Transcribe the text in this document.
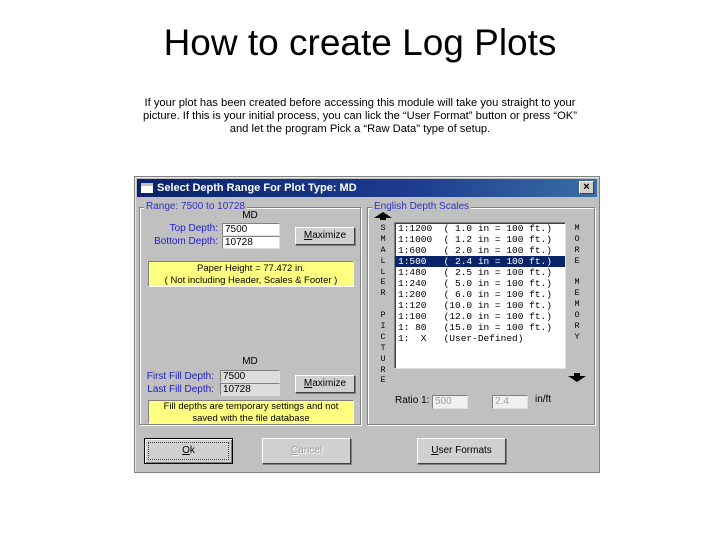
How to create Log Plots
If your plot has been created before accessing this module will take you straight to your
picture. If this is your initial process, you can lick the “User Format” button or press “OK”
and let the program Pick a “Raw Data” type of setup.
Select Depth Range For Plot Type: MD	×
Range: 7500 to 10728
MD
Top Depth: 7500
Bottom Depth: 10728
Maximize
Paper Height = 77.472 in.
( Not including Header, Scales & Footer )
MD
First Fill Depth: 7500
Last Fill Depth: 10728
Maximize
Fill depths are temporary settings and not
saved with the file database
English Depth Scales
S
M
A
L
L
E
R
P
I
C
T
U
R
E
1:1200  ( 1.0 in = 100 ft.)
1:1000  ( 1.2 in = 100 ft.)
1:600   ( 2.0 in = 100 ft.)
1:500   ( 2.4 in = 100 ft.)
1:480   ( 2.5 in = 100 ft.)
1:240   ( 5.0 in = 100 ft.)
1:200   ( 6.0 in = 100 ft.)
1:120   (10.0 in = 100 ft.)
1:100   (12.0 in = 100 ft.)
1: 80   (15.0 in = 100 ft.)
1:  X   (User-Defined)
M
O
R
E
M
E
M
O
R
Y
Ratio 1: 500	2.4	in/ft
Ok	Cancel	User Formats
